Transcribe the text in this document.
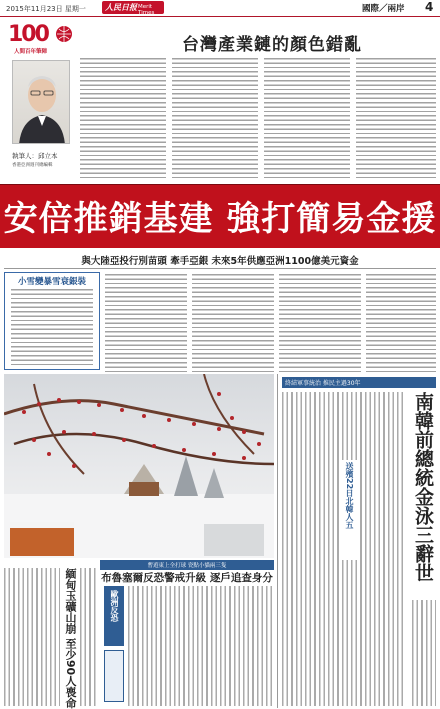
2015年11月23日 星期一 人民日报 Merit Times	國際／兩岸 4
100
人間百年筆陣	台灣產業鏈的顏色錯亂
執筆人：邱立本
香港亞洲週刊總編輯
安倍推銷基建 強打簡易金援
與大陸亞投行別苗頭 牽手亞銀 未來5年供應亞洲1100億美元資金
小雪變暴雪衰銀裝
暫遊東上全打球 瓷點小貓兩三隻
緬甸玉礦山崩 至少90人喪命 布魯塞爾反恐警戒升級 逐戶追查身分
歐洲反恐
終結軍事統治 推民主過30年
南韓前總統金泳三辭世
送殯22日北韓人五
